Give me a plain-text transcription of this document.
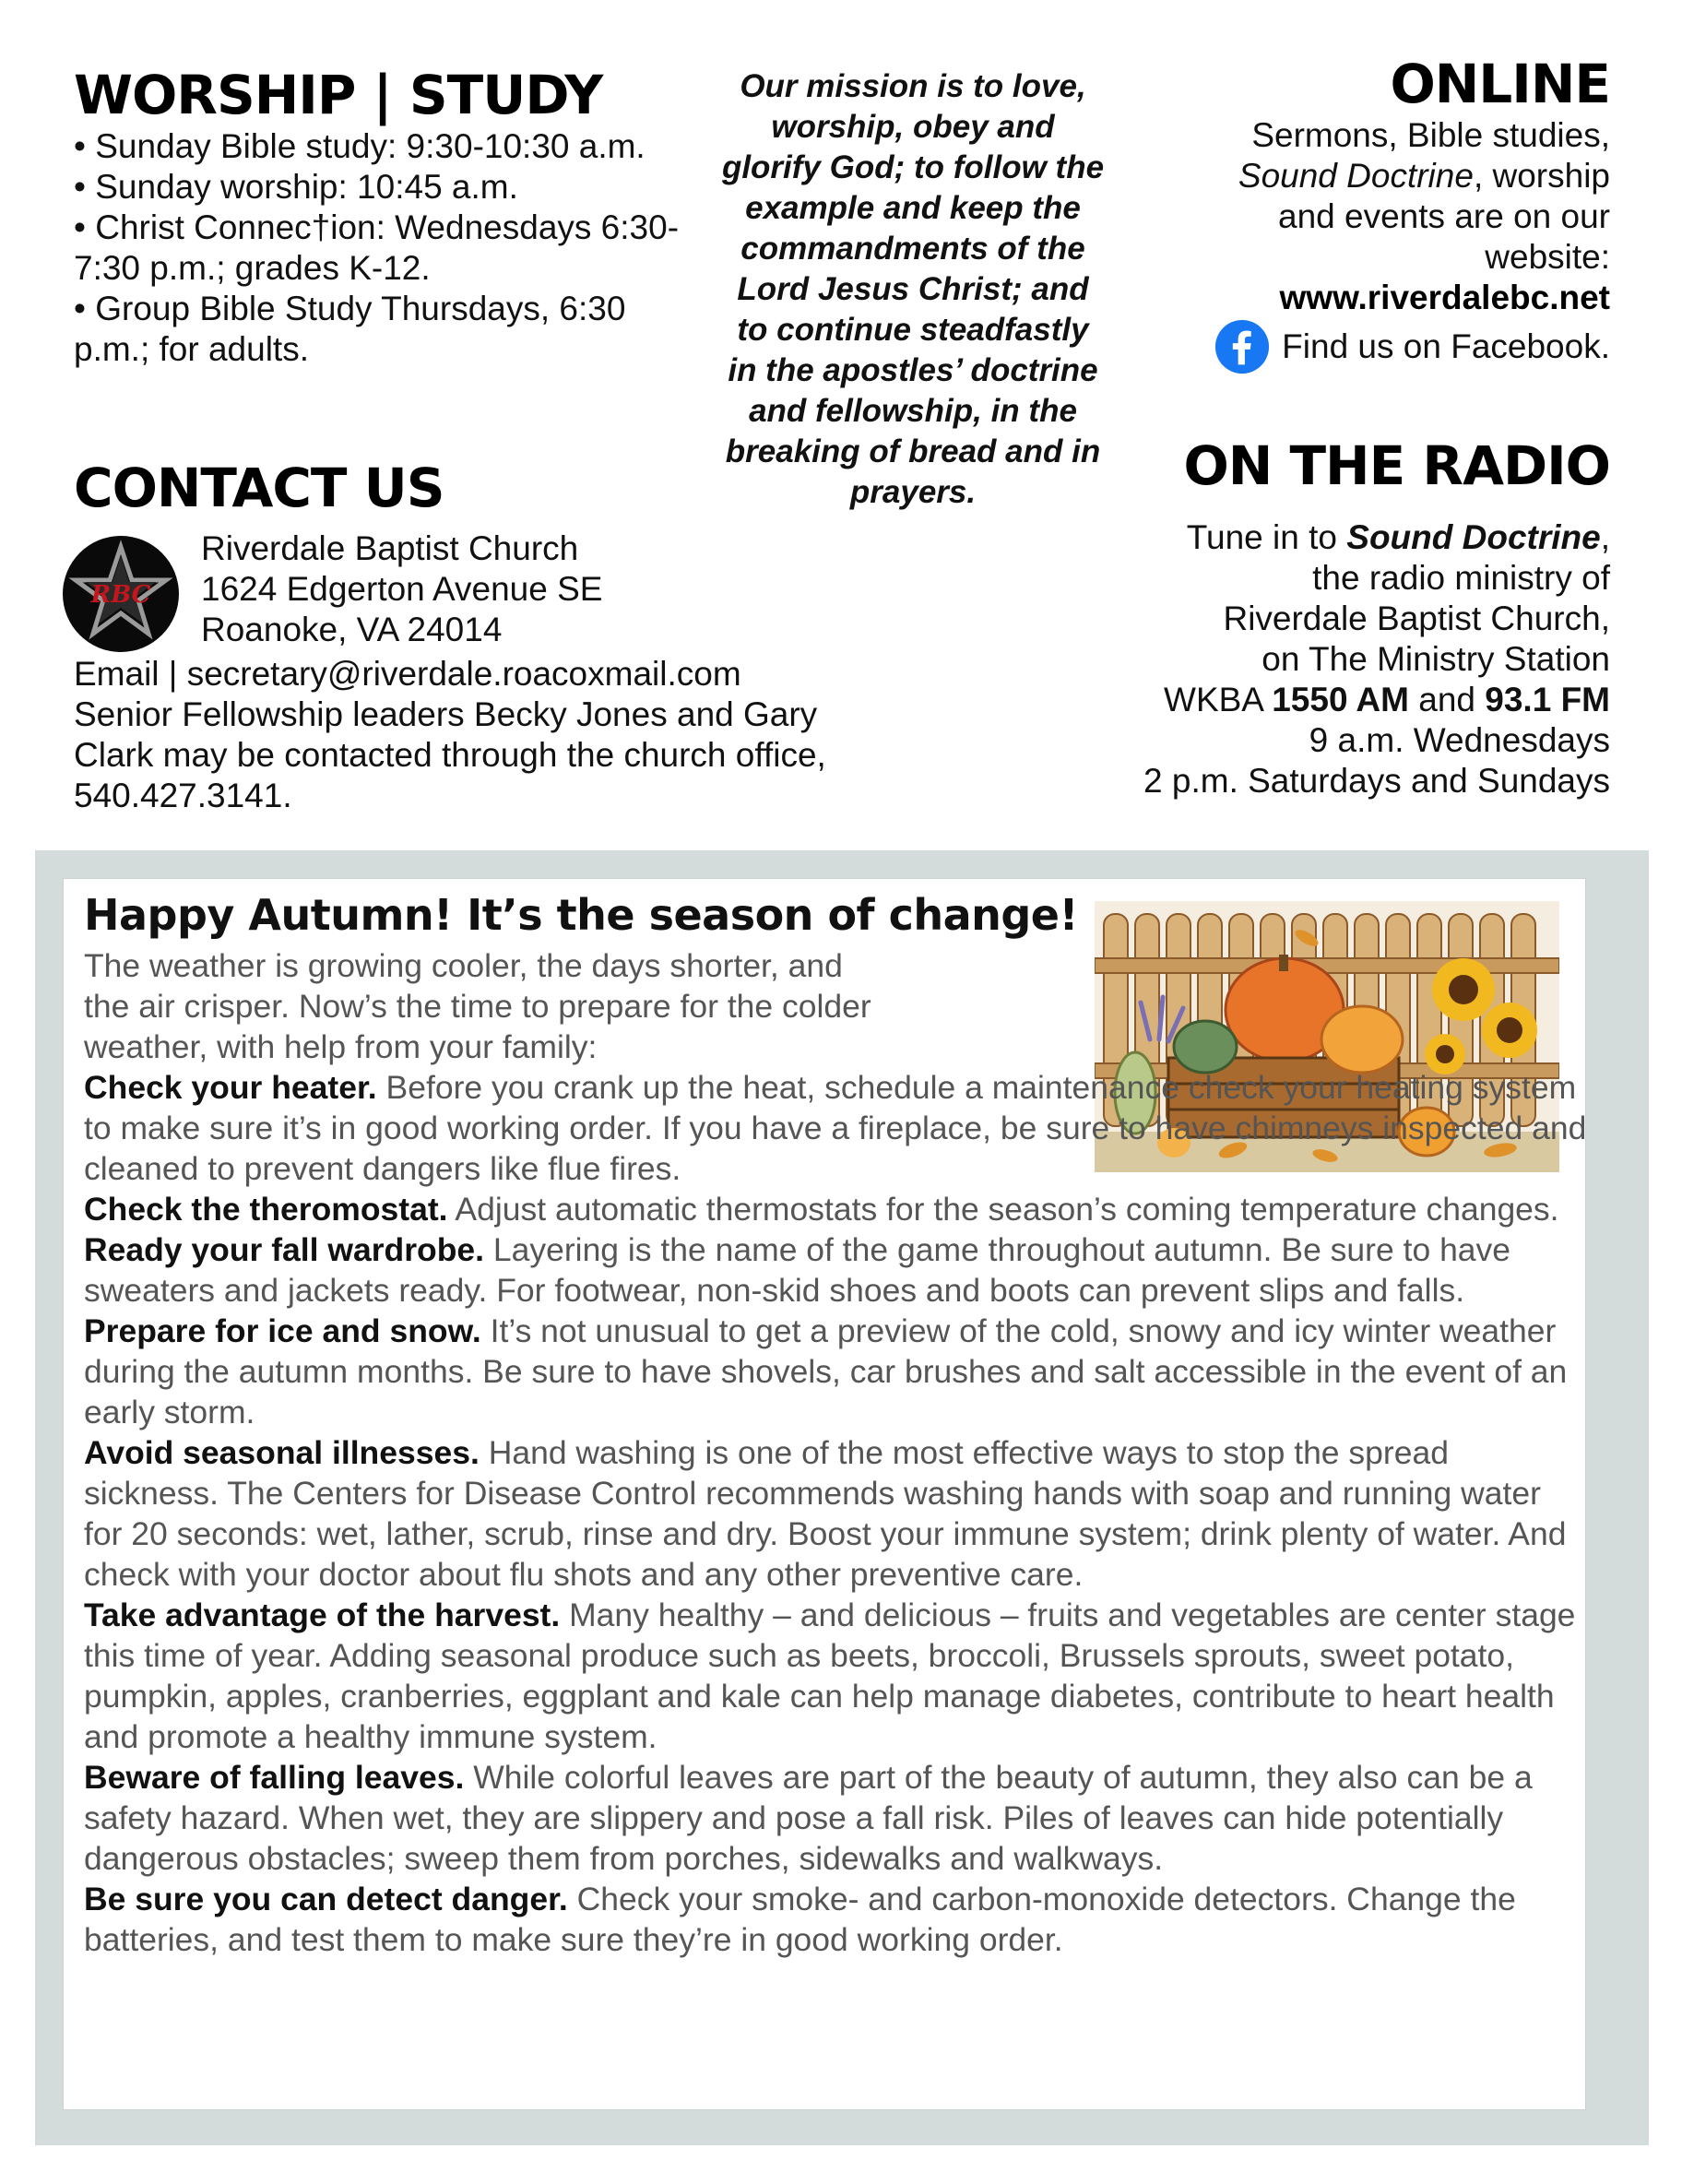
WORSHIP | STUDY
• Sunday Bible study: 9:30-10:30 a.m.
• Sunday worship: 10:45 a.m.
• Christ Connec†ion: Wednesdays 6:30-7:30 p.m.; grades K-12.
• Group Bible Study Thursdays, 6:30 p.m.; for adults.
Our mission is to love, worship, obey and glorify God; to follow the example and keep the commandments of the Lord Jesus Christ; and to continue steadfastly in the apostles’ doctrine and fellowship, in the breaking of bread and in prayers.
ONLINE
Sermons, Bible studies,
Sound Doctrine, worship
and events are on our
website:
www.riverdalebc.net
Find us on Facebook.
CONTACT US
RBC
Riverdale Baptist Church
1624 Edgerton Avenue SE
Roanoke, VA 24014
Email | secretary@riverdale.roacoxmail.com
Senior Fellowship leaders Becky Jones and Gary Clark may be contacted through the church office, 540.427.3141.
ON THE RADIO
Tune in to Sound Doctrine,
the radio ministry of
Riverdale Baptist Church,
on The Ministry Station
WKBA 1550 AM and 93.1 FM
9 a.m. Wednesdays
2 p.m. Saturdays and Sundays
Happy Autumn! It’s the season of change!
The weather is growing cooler, the days shorter, and the air crisper. Now’s the time to prepare for the colder weather, with help from your family:

Check your heater. Before you crank up the heat, schedule a maintenance check your heating system to make sure it’s in good working order. If you have a fireplace, be sure to have chimneys inspected and cleaned to prevent dangers like flue fires.

Check the theromostat. Adjust automatic thermostats for the season’s coming temperature changes.

Ready your fall wardrobe. Layering is the name of the game throughout autumn. Be sure to have sweaters and jackets ready. For footwear, non-skid shoes and boots can prevent slips and falls.

Prepare for ice and snow. It’s not unusual to get a preview of the cold, snowy and icy winter weather during the autumn months. Be sure to have shovels, car brushes and salt accessible in the event of an early storm.

Avoid seasonal illnesses. Hand washing is one of the most effective ways to stop the spread sickness. The Centers for Disease Control recommends washing hands with soap and running water for 20 seconds: wet, lather, scrub, rinse and dry. Boost your immune system; drink plenty of water. And check with your doctor about flu shots and any other preventive care.

Take advantage of the harvest. Many healthy – and delicious – fruits and vegetables are center stage this time of year. Adding seasonal produce such as beets, broccoli, Brussels sprouts, sweet potato, pumpkin, apples, cranberries, eggplant and kale can help manage diabetes, contribute to heart health and promote a healthy immune system.

Beware of falling leaves. While colorful leaves are part of the beauty of autumn, they also can be a safety hazard. When wet, they are slippery and pose a fall risk. Piles of leaves can hide potentially dangerous obstacles; sweep them from porches, sidewalks and walkways.

Be sure you can detect danger. Check your smoke- and carbon-monoxide detectors. Change the batteries, and test them to make sure they’re in good working order.
